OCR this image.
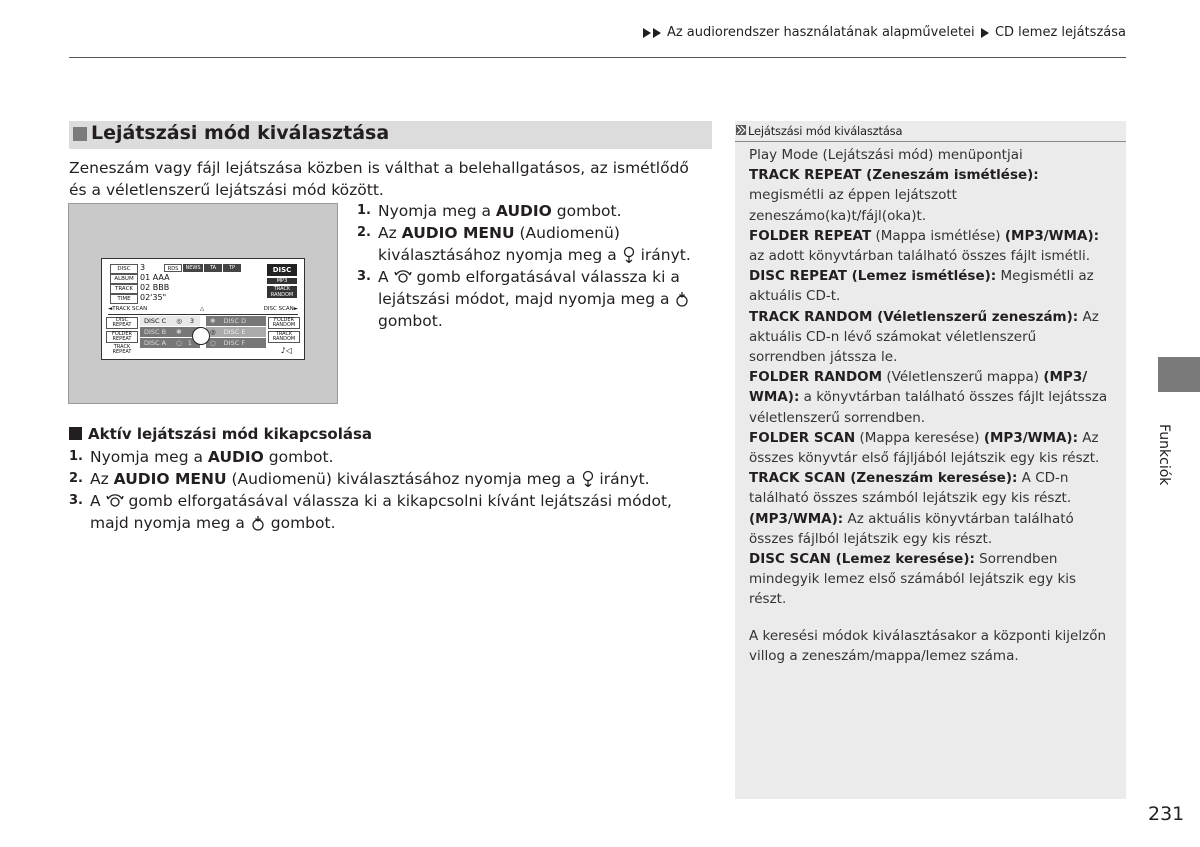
Az audiorendszer használatának alapműveletei CD lemez lejátszása
Lejátszási mód kiválasztása
Zeneszám vagy fájl lejátszása közben is válthat a belehallgatásos, az ismétlődő és a véletlenszerű lejátszási mód között.
DISC
ALBUM
TRACK
TIME
3
01 AAA
02 BBB
02'35"
RDS	NEWS	TA	TP	DISC
MP3
TRACK
RANDOM
◄TRACK SCAN	△	DISC SCAN►
DISC
REPEAT
FOLDER
REPEAT
TRACK
REPEAT
FOLDER
RANDOM
TRACK
RANDOM
♪◁
DISC C ◎ 3
DISC B ❃
DISC A ○ 1
❃ DISC D
◎ DISC E
○ DISC F
1. Nyomja meg a AUDIO gombot.
2. Az AUDIO MENU (Audiomenü) kiválasztásához nyomja meg a  irányt.
3. A  gomb elforgatásával válassza ki a lejátszási módot, majd nyomja meg a  gombot.
Aktív lejátszási mód kikapcsolása
1. Nyomja meg a AUDIO gombot.
2. Az AUDIO MENU (Audiomenü) kiválasztásához nyomja meg a  irányt.
3. A  gomb elforgatásával válassza ki a kikapcsolni kívánt lejátszási módot, majd nyomja meg a  gombot.
Lejátszási mód kiválasztása
Play Mode (Lejátszási mód) menüpontjai
TRACK REPEAT (Zeneszám ismétlése): megismétli az éppen lejátszott zeneszámo(ka)t/fájl(oka)t.
FOLDER REPEAT (Mappa ismétlése) (MP3/WMA): az adott könyvtárban található összes fájlt ismétli.
DISC REPEAT (Lemez ismétlése): Megismétli az aktuális CD-t.
TRACK RANDOM (Véletlenszerű zeneszám): Az aktuális CD-n lévő számokat véletlenszerű sorrendben játssza le.
FOLDER RANDOM (Véletlenszerű mappa) (MP3/ WMA): a könyvtárban található összes fájlt lejátssza véletlenszerű sorrendben.
FOLDER SCAN (Mappa keresése) (MP3/WMA): Az összes könyvtár első fájljából lejátszik egy kis részt.
TRACK SCAN (Zeneszám keresése): A CD-n található összes számból lejátszik egy kis részt.
(MP3/WMA): Az aktuális könyvtárban található összes fájlból lejátszik egy kis részt.
DISC SCAN (Lemez keresése): Sorrendben mindegyik lemez első számából lejátszik egy kis részt.
A keresési módok kiválasztásakor a központi kijelzőn villog a zeneszám/mappa/lemez száma.
Funkciók
231
